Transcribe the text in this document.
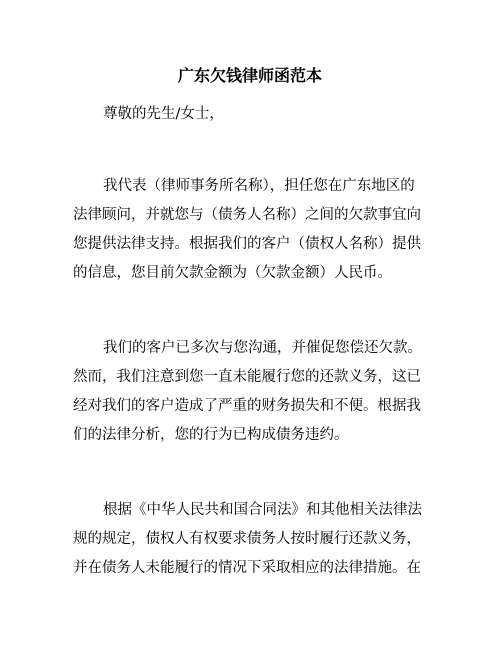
广东欠钱律师函范本
尊敬的先生/女士，
我代表（律师事务所名称），担任您在广东地区的
法律顾问，并就您与（债务人名称）之间的欠款事宜向
您提供法律支持。根据我们的客户（债权人名称）提供
的信息，您目前欠款金额为（欠款金额）人民币。
我们的客户已多次与您沟通，并催促您偿还欠款。
然而，我们注意到您一直未能履行您的还款义务，这已
经对我们的客户造成了严重的财务损失和不便。根据我
们的法律分析，您的行为已构成债务违约。
根据《中华人民共和国合同法》和其他相关法律法
规的规定，债权人有权要求债务人按时履行还款义务，
并在债务人未能履行的情况下采取相应的法律措施。在
